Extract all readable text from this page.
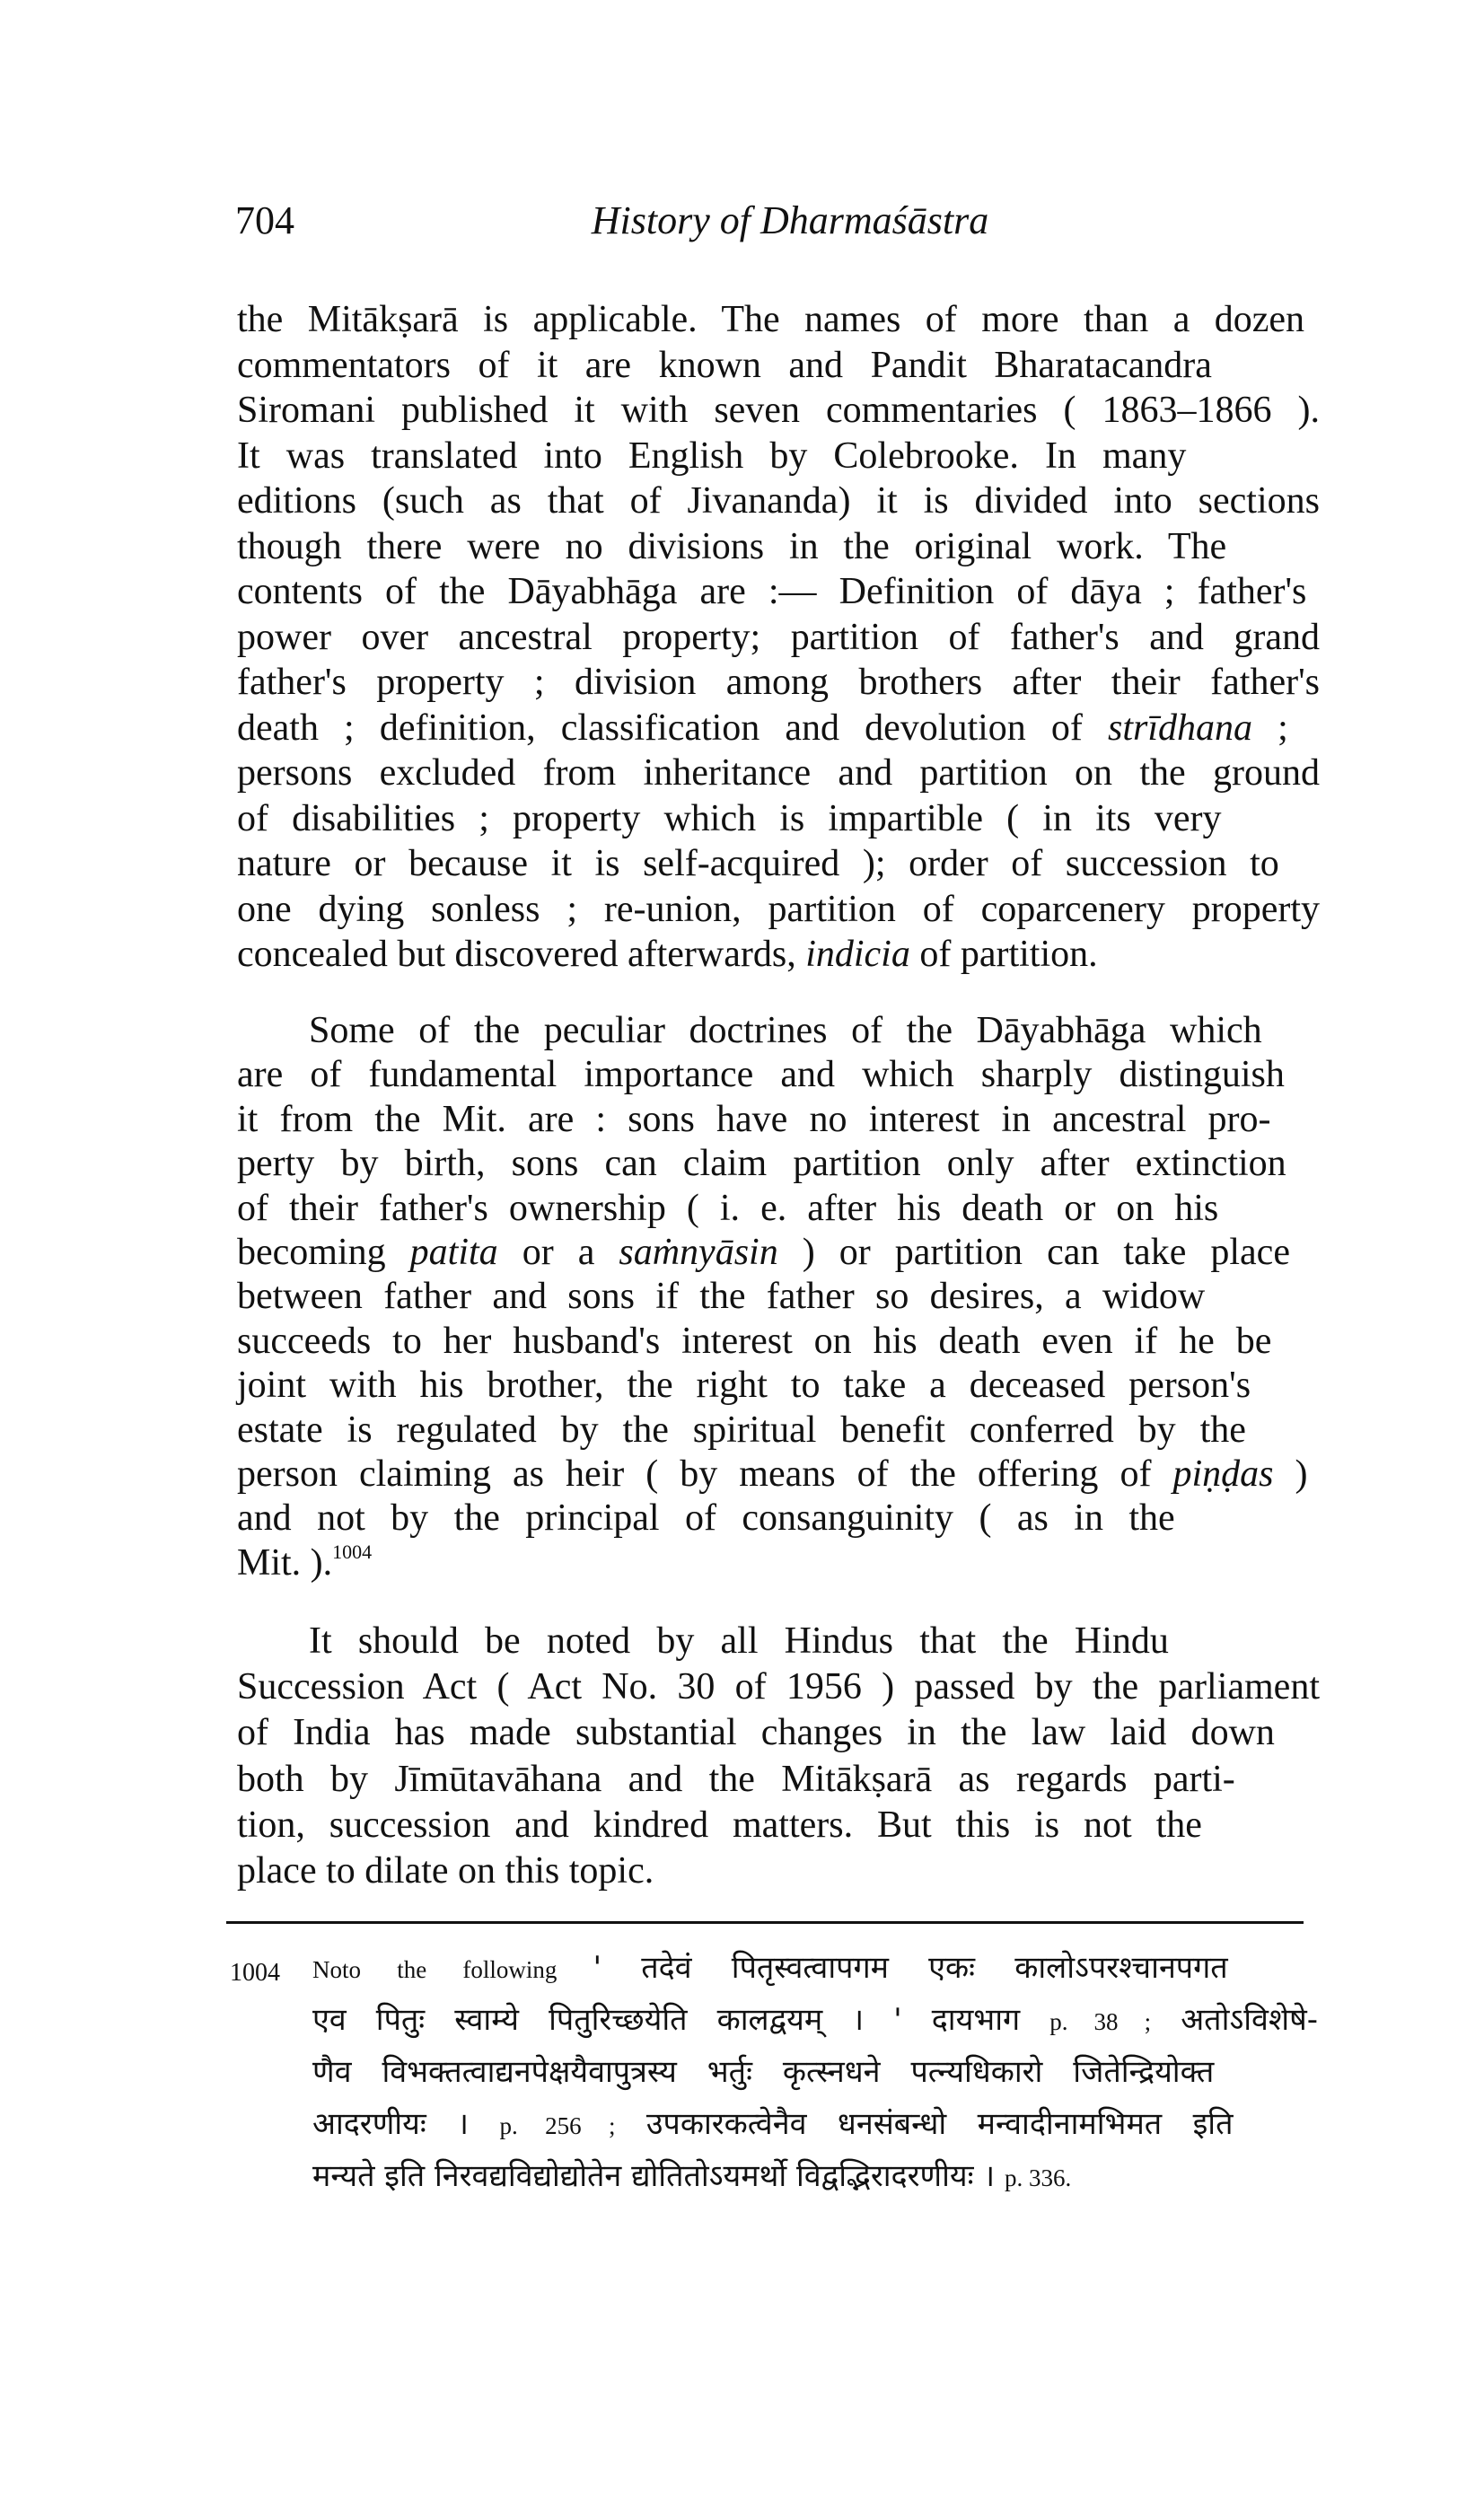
704	History of Dharmaśāstra
the Mitākṣarā is applicable. The names of more than a dozen
commentators of it are known and Pandit Bharatacandra
Siromani published it with seven commentaries ( 1863–1866 ).
It was translated into English by Colebrooke. In many
editions (such as that of Jivananda) it is divided into sections
though there were no divisions in the original work. The
contents of the Dāyabhāga are :— Definition of dāya ; father's
power over ancestral property; partition of father's and grand
father's property ; division among brothers after their father's
death ; definition, classification and devolution of strīdhana ;
persons excluded from inheritance and partition on the ground
of disabilities ; property which is impartible ( in its very
nature or because it is self-acquired ); order of succession to
one dying sonless ; re-union, partition of coparcenery property
concealed but discovered afterwards, indicia of partition.
Some of the peculiar doctrines of the Dāyabhāga which
are of fundamental importance and which sharply distinguish
it from the Mit. are : sons have no interest in ancestral pro-
perty by birth, sons can claim partition only after extinction
of their father's ownership ( i. e. after his death or on his
becoming patita or a saṁnyāsin ) or partition can take place
between father and sons if the father so desires, a widow
succeeds to her husband's interest on his death even if he be
joint with his brother, the right to take a deceased person's
estate is regulated by the spiritual benefit conferred by the
person claiming as heir ( by means of the offering of piṇḍas )
and not by the principal of consanguinity ( as in the
Mit. ).$^{1004}$
It should be noted by all Hindus that the Hindu
Succession Act ( Act No. 30 of 1956 ) passed by the parliament
of India has made substantial changes in the law laid down
both by Jīmūtavāhana and the Mitākṣarā as regards parti-
tion, succession and kindred matters. But this is not the
place to dilate on this topic.
1004 Noto the following ' तदेवं पितृस्वत्वापगम एकः कालोऽपरश्चानपगत
एव पितुः स्वाम्ये पितुरिच्छयेति कालद्वयम् । ' दायभाग p. 38 ; अतोऽविशेषे-
णैव विभक्तत्वाद्यनपेक्षयैवापुत्रस्य भर्तुः कृत्स्नधने पत्न्यधिकारो जितेन्द्रियोक्त
आदरणीयः । p. 256 ; उपकारकत्वेनैव धनसंबन्धो मन्वादीनामभिमत इति
मन्यते इति निरवद्यविद्योद्योतेन द्योतितोऽयमर्थो विद्वद्भिरादरणीयः । p. 336.
